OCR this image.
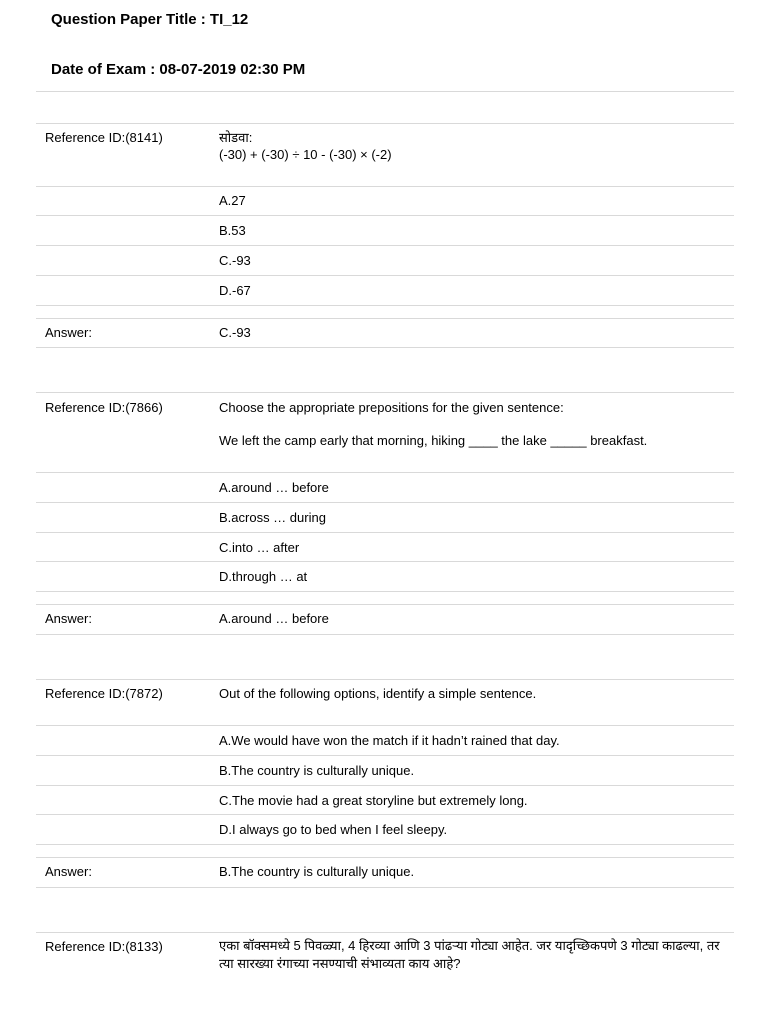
Question Paper Title : TI_12
Date of Exam : 08-07-2019 02:30 PM
Reference ID:(8141)	सोडवा:
(-30) + (-30) ÷ 10 - (-30) × (-2)
A.27
B.53
C.-93
D.-67
Answer:	C.-93
Reference ID:(7866)	Choose the appropriate prepositions for the given sentence:
We left the camp early that morning, hiking ____ the lake _____ breakfast.
A.around … before
B.across … during
C.into … after
D.through … at
Answer:	A.around … before
Reference ID:(7872)	Out of the following options, identify a simple sentence.
A.We would have won the match if it hadn’t rained that day.
B.The country is culturally unique.
C.The movie had a great storyline but extremely long.
D.I always go to bed when I feel sleepy.
Answer:	B.The country is culturally unique.
Reference ID:(8133)	एका बॉक्समध्ये 5 पिवळ्या, 4 हिरव्या आणि 3 पांढऱ्या गोट्या आहेत. जर यादृच्छिकपणे 3 गोट्या काढल्या, तर त्या सारख्या रंगाच्या नसण्याची संभाव्यता काय आहे?
